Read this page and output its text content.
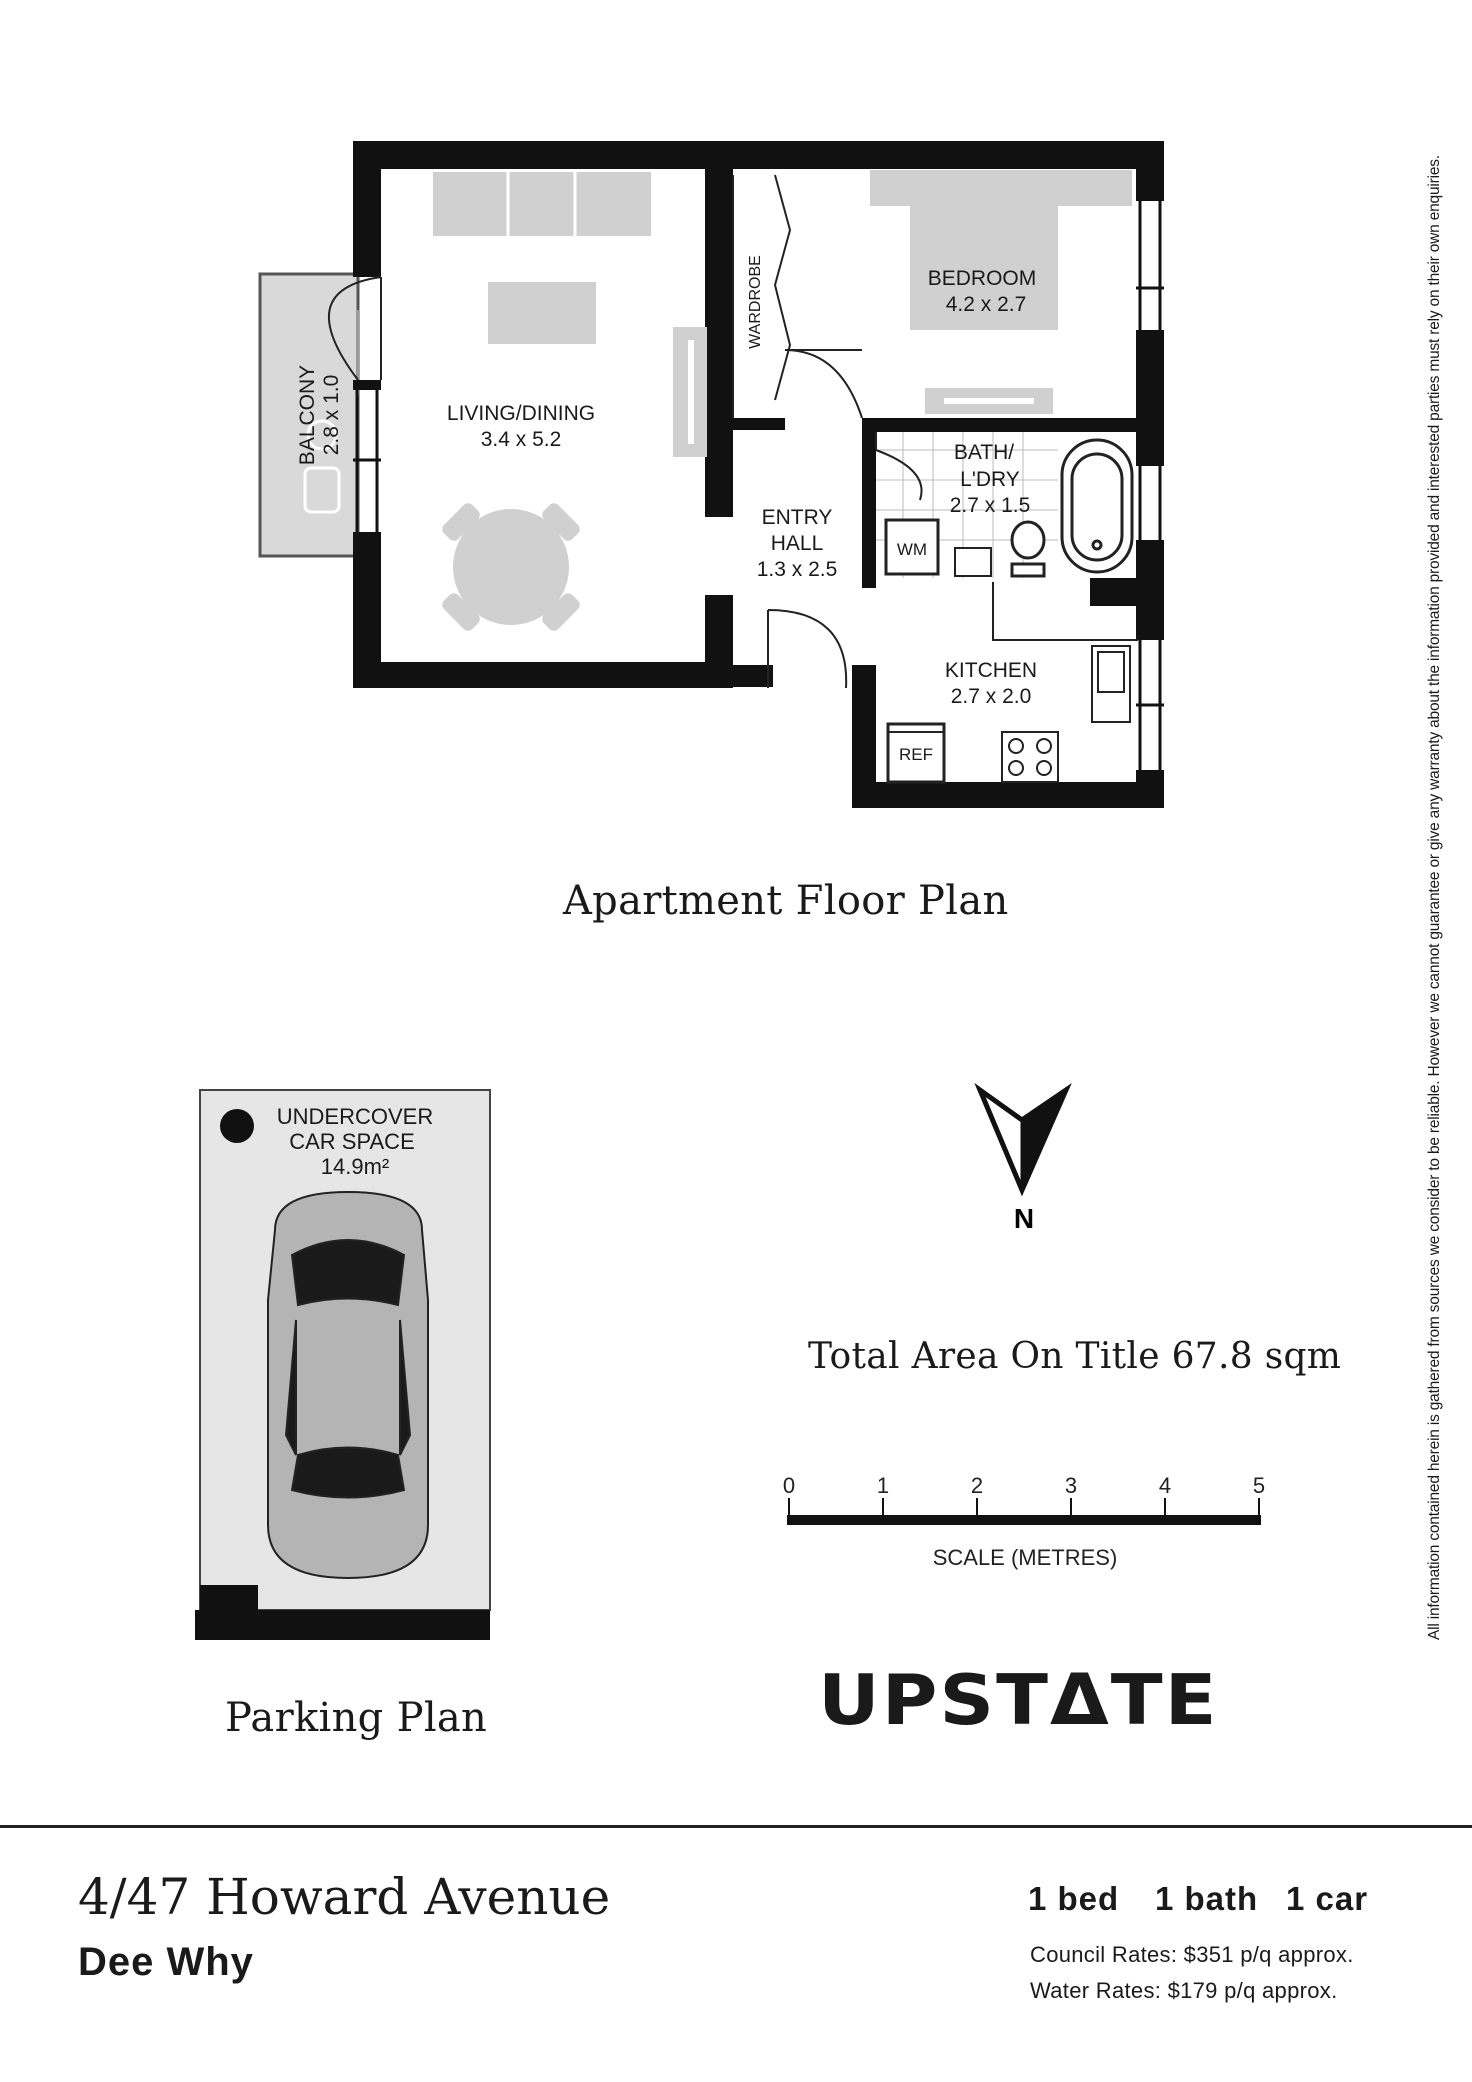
BALCONY 2.8 x 1.0	LIVING/DINING
3.4 x 5.2
WARDROBE	BEDROOM
4.2 x 2.7
BATH/
L'DRY
2.7 x 1.5
ENTRY
HALL
1.3 x 2.5
KITCHEN
2.7 x 2.0
WM
REF
UNDERCOVER
CAR SPACE
14.9m²
N
0	1	2	3	4	5
SCALE (METRES)
Apartment Floor Plan
Parking Plan
Total Area On Title 67.8 sqm
UPSTΔTE
All information contained herein is gathered from sources we consider to be reliable. However we cannot guarantee or give any warranty about the information provided and interested parties must rely on their own enquiries.
4/47 Howard Avenue
Dee Why
1 bed 1 bath 1 car
Council Rates: $351 p/q approx.
Water Rates: $179 p/q approx.
